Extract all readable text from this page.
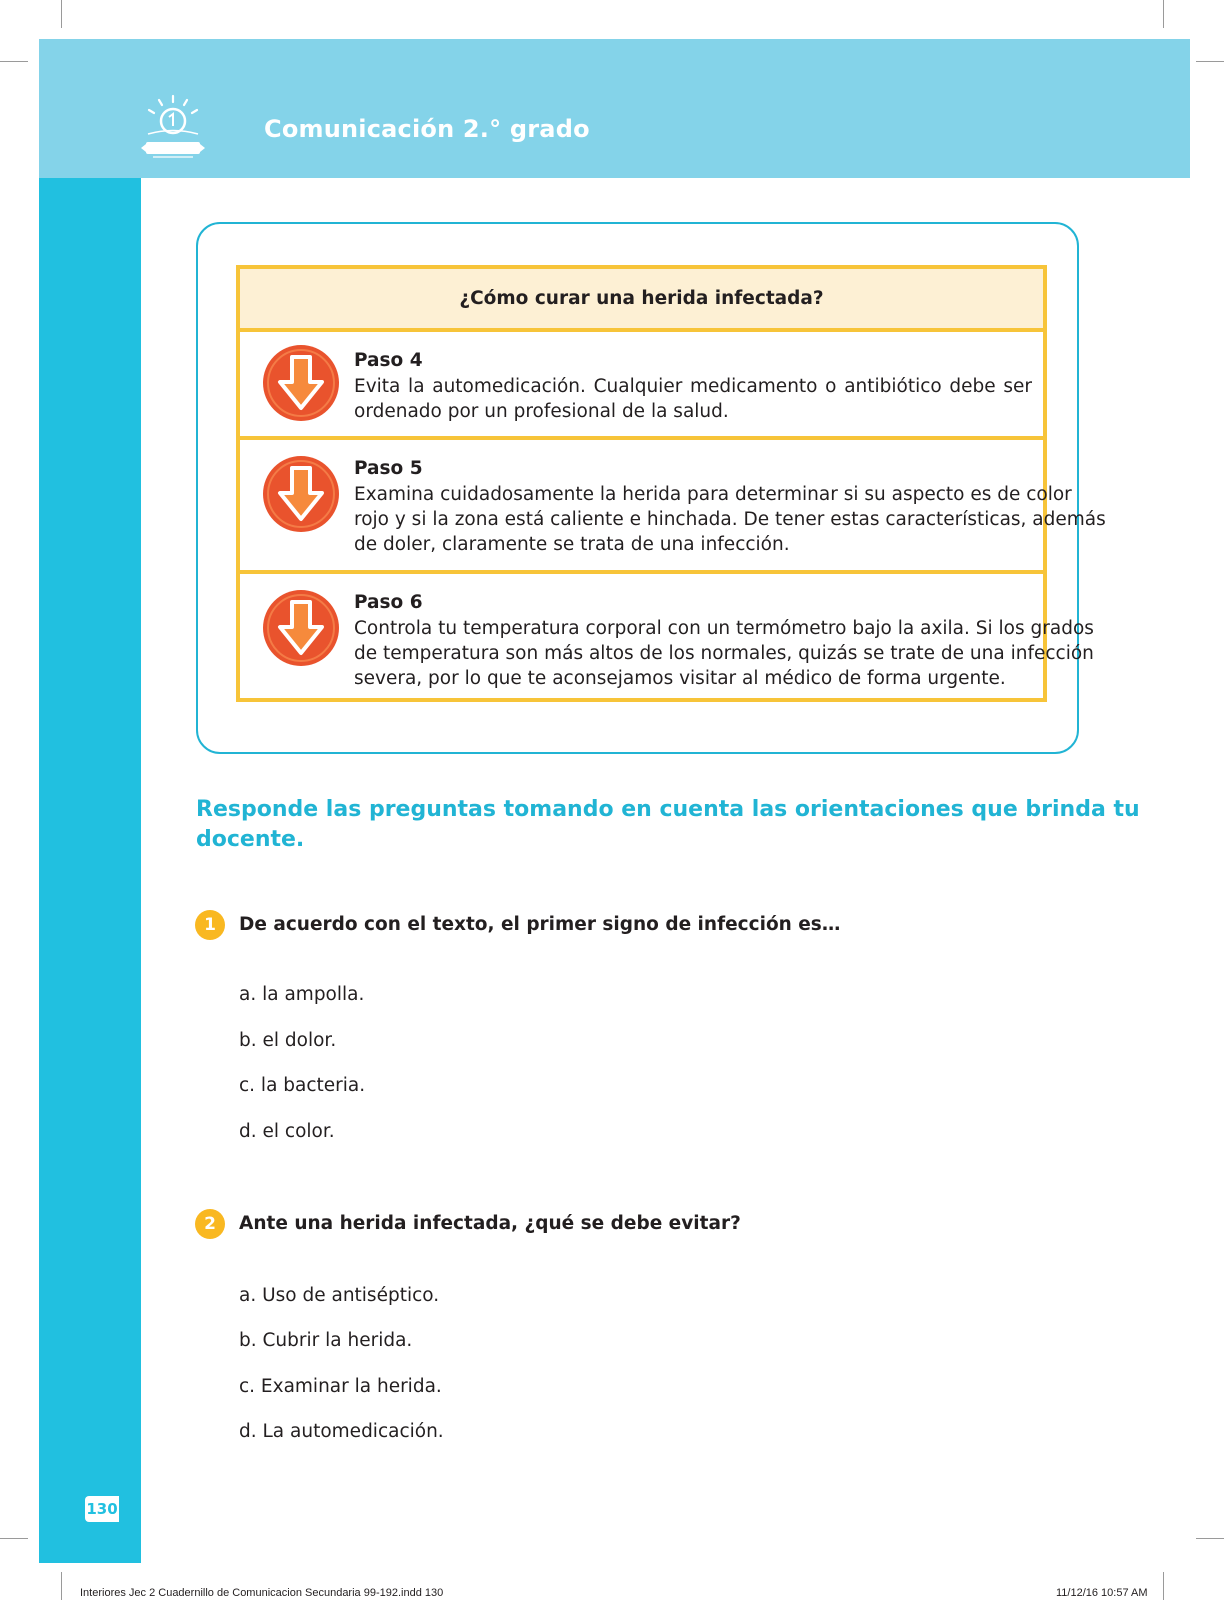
Comunicación 2.° grado
130
¿Cómo curar una herida infectada?
Paso 4
Evita la automedicación. Cualquier medicamento o antibiótico debe ser
ordenado por un profesional de la salud.
Paso 5
Examina cuidadosamente la herida para determinar si su aspecto es de color
rojo y si la zona está caliente e hinchada. De tener estas características, además
de doler, claramente se trata de una infección.
Paso 6
Controla tu temperatura corporal con un termómetro bajo la axila. Si los grados
de temperatura son más altos de los normales, quizás se trate de una infección
severa, por lo que te aconsejamos visitar al médico de forma urgente.
Responde las preguntas tomando en cuenta las orientaciones que brinda tu
docente.
1	De acuerdo con el texto, el primer signo de infección es…
a. la ampolla.
b. el dolor.
c. la bacteria.
d. el color.
2	Ante una herida infectada, ¿qué se debe evitar?
a. Uso de antiséptico.
b. Cubrir la herida.
c. Examinar la herida.
d. La automedicación.
Interiores Jec 2 Cuadernillo de Comunicacion Secundaria 99-192.indd 130	11/12/16 10:57 AM
